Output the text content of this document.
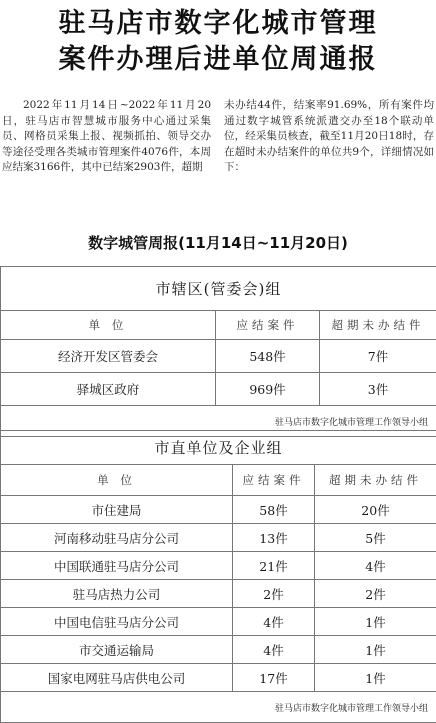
驻马店市数字化城市管理
案件办理后进单位周通报
2022年11月14日~2022年11月20日，驻马店市智慧城市服务中心通过采集员、网格员采集上报、视频抓拍、领导交办等途径受理各类城市管理案件4076件，本周应结案3166件，其中已结案2903件，超期
未办结44件，结案率91.69%，所有案件均通过数字城管系统派遣交办至18个联动单位，经采集员核查，截至11月20日18时，存在超时未办结案件的单位共9个，详细情况如下：
数字城管周报(11月14日~11月20日)
市辖区(管委会)组		
单 位	应结案件	超期未办结件
经济开发区管委会	548件	7件
驿城区政府	969件	3件
驻马店市数字化城市管理工作领导小组		
市直单位及企业组		
单 位	应结案件	超期未办结件
市住建局	58件	20件
河南移动驻马店分公司	13件	5件
中国联通驻马店分公司	21件	4件
驻马店热力公司	2件	2件
中国电信驻马店分公司	4件	1件
市交通运输局	4件	1件
国家电网驻马店供电公司	17件	1件
驻马店市数字化城市管理工作领导小组		
